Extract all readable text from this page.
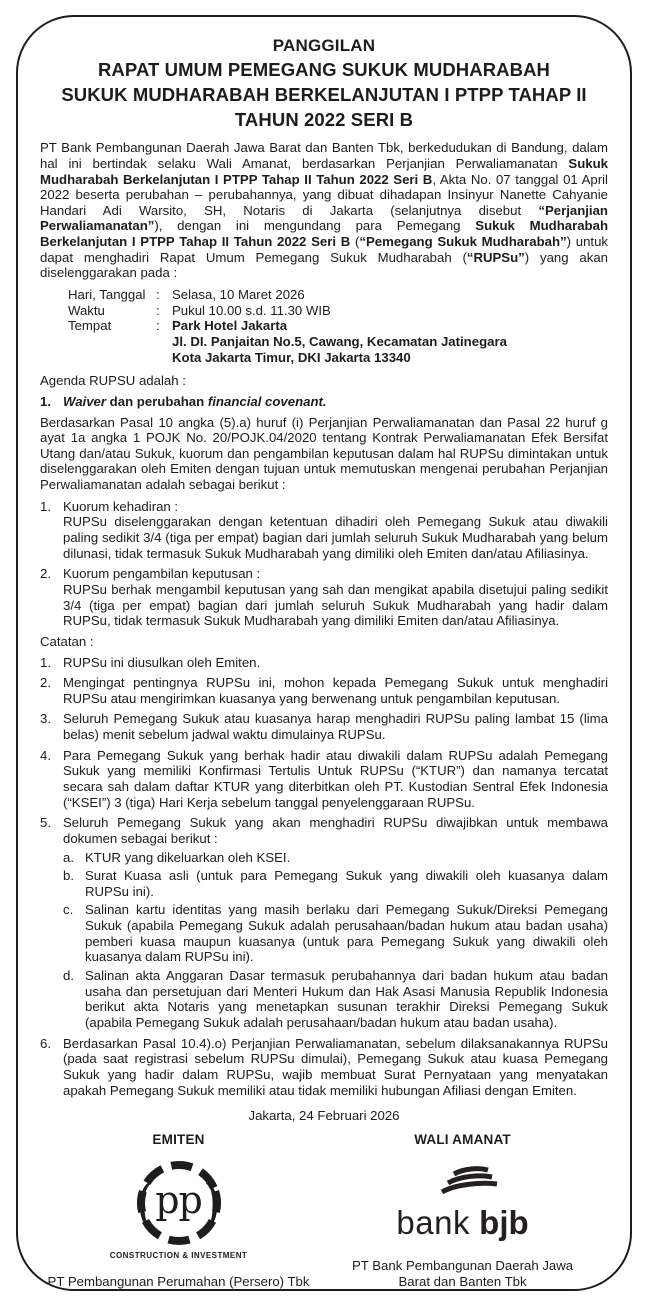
PANGGILAN
RAPAT UMUM PEMEGANG SUKUK MUDHARABAH
SUKUK MUDHARABAH BERKELANJUTAN I PTPP TAHAP II
TAHUN 2022 SERI B

PT Bank Pembangunan Daerah Jawa Barat dan Banten Tbk, berkedudukan di Bandung, dalam hal ini bertindak selaku Wali Amanat, berdasarkan Perjanjian Perwaliamanatan Sukuk Mudharabah Berkelanjutan I PTPP Tahap II Tahun 2022 Seri B, Akta No. 07 tanggal 01 April 2022 beserta perubahan – perubahannya, yang dibuat dihadapan Insinyur Nanette Cahyanie Handari Adi Warsito, SH, Notaris di Jakarta (selanjutnya disebut “Perjanjian Perwaliamanatan”), dengan ini mengundang para Pemegang Sukuk Mudharabah Berkelanjutan I PTPP Tahap II Tahun 2022 Seri B (“Pemegang Sukuk Mudharabah”) untuk dapat menghadiri Rapat Umum Pemegang Sukuk Mudharabah (“RUPSu”) yang akan diselenggarakan pada :

Hari, Tanggal : Selasa, 10 Maret 2026
Waktu	: Pukul 10.00 s.d. 11.30 WIB
Tempat	: Park Hotel Jakarta
Jl. DI. Panjaitan No.5, Cawang, Kecamatan Jatinegara
Kota Jakarta Timur, DKI Jakarta 13340

Agenda RUPSU adalah :

1. Waiver dan perubahan financial covenant.

Berdasarkan Pasal 10 angka (5).a) huruf (i) Perjanjian Perwaliamanatan dan Pasal 22 huruf g ayat 1a angka 1 POJK No. 20/POJK.04/2020 tentang Kontrak Perwaliamanatan Efek Bersifat Utang dan/atau Sukuk, kuorum dan pengambilan keputusan dalam hal RUPSu dimintakan untuk diselenggarakan oleh Emiten dengan tujuan untuk memutuskan mengenai perubahan Perjanjian Perwaliamanatan adalah sebagai berikut :

1. Kuorum kehadiran :
RUPSu diselenggarakan dengan ketentuan dihadiri oleh Pemegang Sukuk atau diwakili paling sedikit 3/4 (tiga per empat) bagian dari jumlah seluruh Sukuk Mudharabah yang belum dilunasi, tidak termasuk Sukuk Mudharabah yang dimiliki oleh Emiten dan/atau Afiliasinya.
2. Kuorum pengambilan keputusan :
RUPSu berhak mengambil keputusan yang sah dan mengikat apabila disetujui paling sedikit 3/4 (tiga per empat) bagian dari jumlah seluruh Sukuk Mudharabah yang hadir dalam RUPSu, tidak termasuk Sukuk Mudharabah yang dimiliki Emiten dan/atau Afiliasinya.

Catatan :

1. RUPSu ini diusulkan oleh Emiten.
2. Mengingat pentingnya RUPSu ini, mohon kepada Pemegang Sukuk untuk menghadiri RUPSu atau mengirimkan kuasanya yang berwenang untuk pengambilan keputusan.
3. Seluruh Pemegang Sukuk atau kuasanya harap menghadiri RUPSu paling lambat 15 (lima belas) menit sebelum jadwal waktu dimulainya RUPSu.
4. Para Pemegang Sukuk yang berhak hadir atau diwakili dalam RUPSu adalah Pemegang Sukuk yang memiliki Konfirmasi Tertulis Untuk RUPSu (“KTUR”) dan namanya tercatat secara sah dalam daftar KTUR yang diterbitkan oleh PT. Kustodian Sentral Efek Indonesia (“KSEI”) 3 (tiga) Hari Kerja sebelum tanggal penyelenggaraan RUPSu.
5. Seluruh Pemegang Sukuk yang akan menghadiri RUPSu diwajibkan untuk membawa dokumen sebagai berikut :
a. KTUR yang dikeluarkan oleh KSEI.
b. Surat Kuasa asli (untuk para Pemegang Sukuk yang diwakili oleh kuasanya dalam RUPSu ini).
c. Salinan kartu identitas yang masih berlaku dari Pemegang Sukuk/Direksi Pemegang Sukuk (apabila Pemegang Sukuk adalah perusahaan/badan hukum atau badan usaha) pemberi kuasa maupun kuasanya (untuk para Pemegang Sukuk yang diwakili oleh kuasanya dalam RUPSu ini).
d. Salinan akta Anggaran Dasar termasuk perubahannya dari badan hukum atau badan usaha dan persetujuan dari Menteri Hukum dan Hak Asasi Manusia Republik Indonesia berikut akta Notaris yang menetapkan susunan terakhir Direksi Pemegang Sukuk (apabila Pemegang Sukuk adalah perusahaan/badan hukum atau badan usaha).
6. Berdasarkan Pasal 10.4).o) Perjanjian Perwaliamanatan, sebelum dilaksanakannya RUPSu (pada saat registrasi sebelum RUPSu dimulai), Pemegang Sukuk atau kuasa Pemegang Sukuk yang hadir dalam RUPSu, wajib membuat Surat Pernyataan yang menyatakan apakah Pemegang Sukuk memiliki atau tidak memiliki hubungan Afiliasi dengan Emiten.

Jakarta, 24 Februari 2026

EMITEN
( pp )
CONSTRUCTION & INVESTMENT
PT Pembangunan Perumahan (Persero) Tbk
WALI AMANAT
bank bjb
PT Bank Pembangunan Daerah Jawa Barat dan Banten Tbk
